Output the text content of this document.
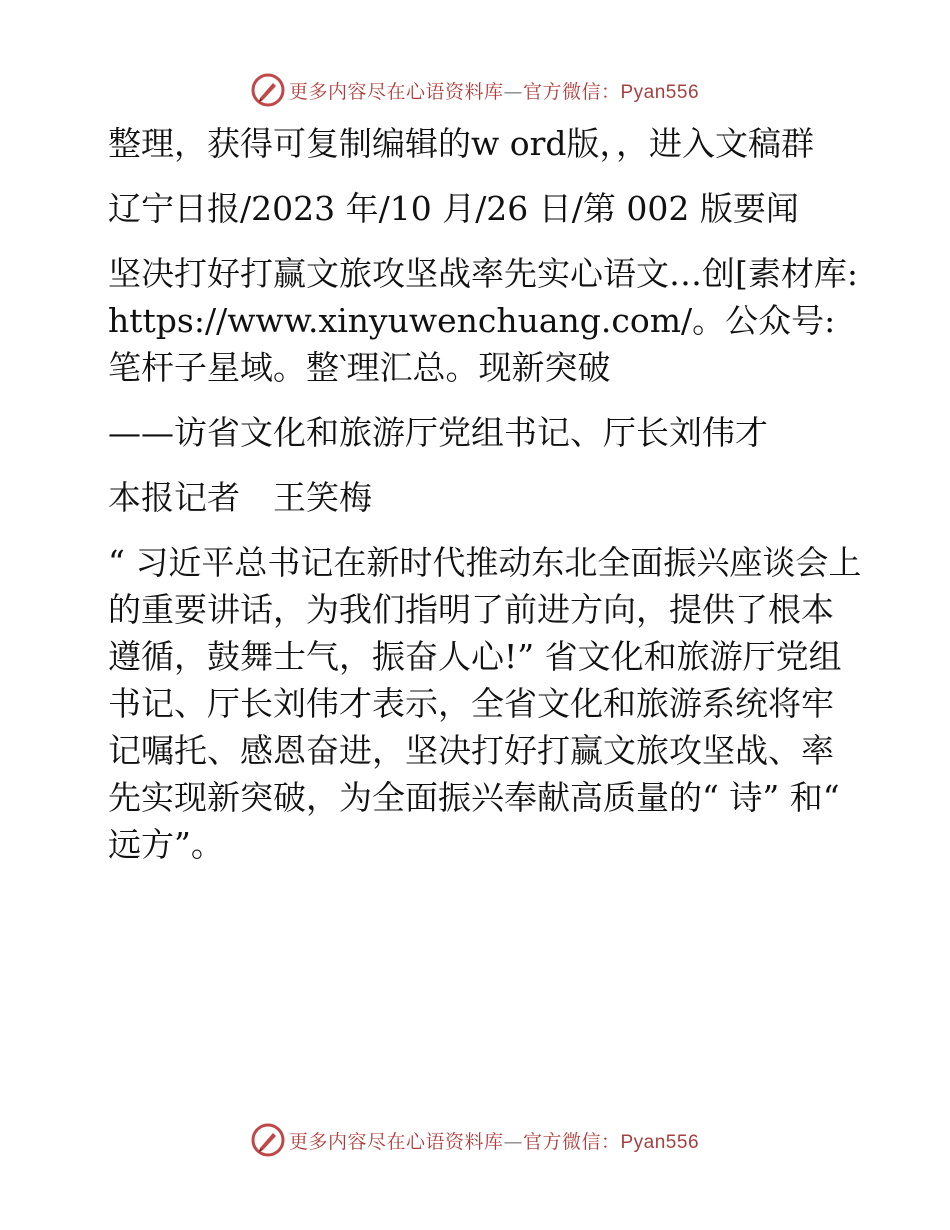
更多内容尽在心语资料库—官方微信：Pyan556

整理，获得可复制编辑的w ord版，，进入文稿群

辽宁日报/2023 年/10 月/26 日/第 002 版要闻

坚决打好打赢文旅攻坚战率先实心语文…创[素材库: https://www.xinyuwenchuang.com/。公众号: 笔杆子星域。整‵理汇总。现新突破

——访省文化和旅游厅党组书记、厅长刘伟才

本报记者　王笑梅

“ 习近平总书记在新时代推动东北全面振兴座谈会上的重要讲话，为我们指明了前进方向，提供了根本遵循，鼓舞士气，振奋人心!” 省文化和旅游厅党组书记、厅长刘伟才表示，全省文化和旅游系统将牢记嘱托、感恩奋进，坚决打好打赢文旅攻坚战、率先实现新突破，为全面振兴奉献高质量的“ 诗” 和“ 远方”。

更多内容尽在心语资料库—官方微信：Pyan556
